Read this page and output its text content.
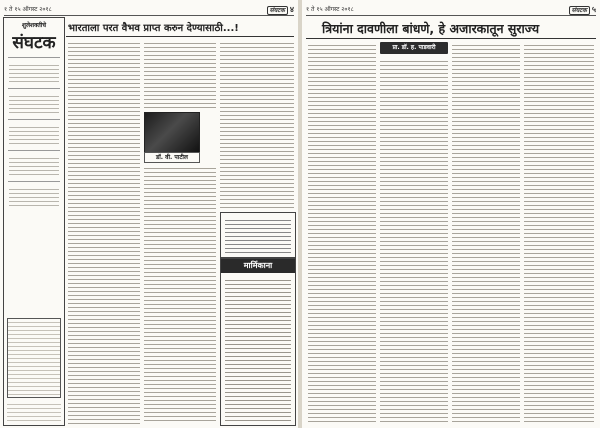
१ ते १५ ऑगस्ट २०१८	संघटक ४
शुलेशक्तीचे
संघटक
भारताला परत वैभव प्राप्त करुन देण्यासाठी...!
डॉ. वी. पाटील
मार्मिकाना
१ ते १५ ऑगस्ट २०१८	संघटक ५
त्रियांना दावणीला बांधणे, हे अजारकातून सुराज्य
प्रा. डॉ. ह. पाडवारी
